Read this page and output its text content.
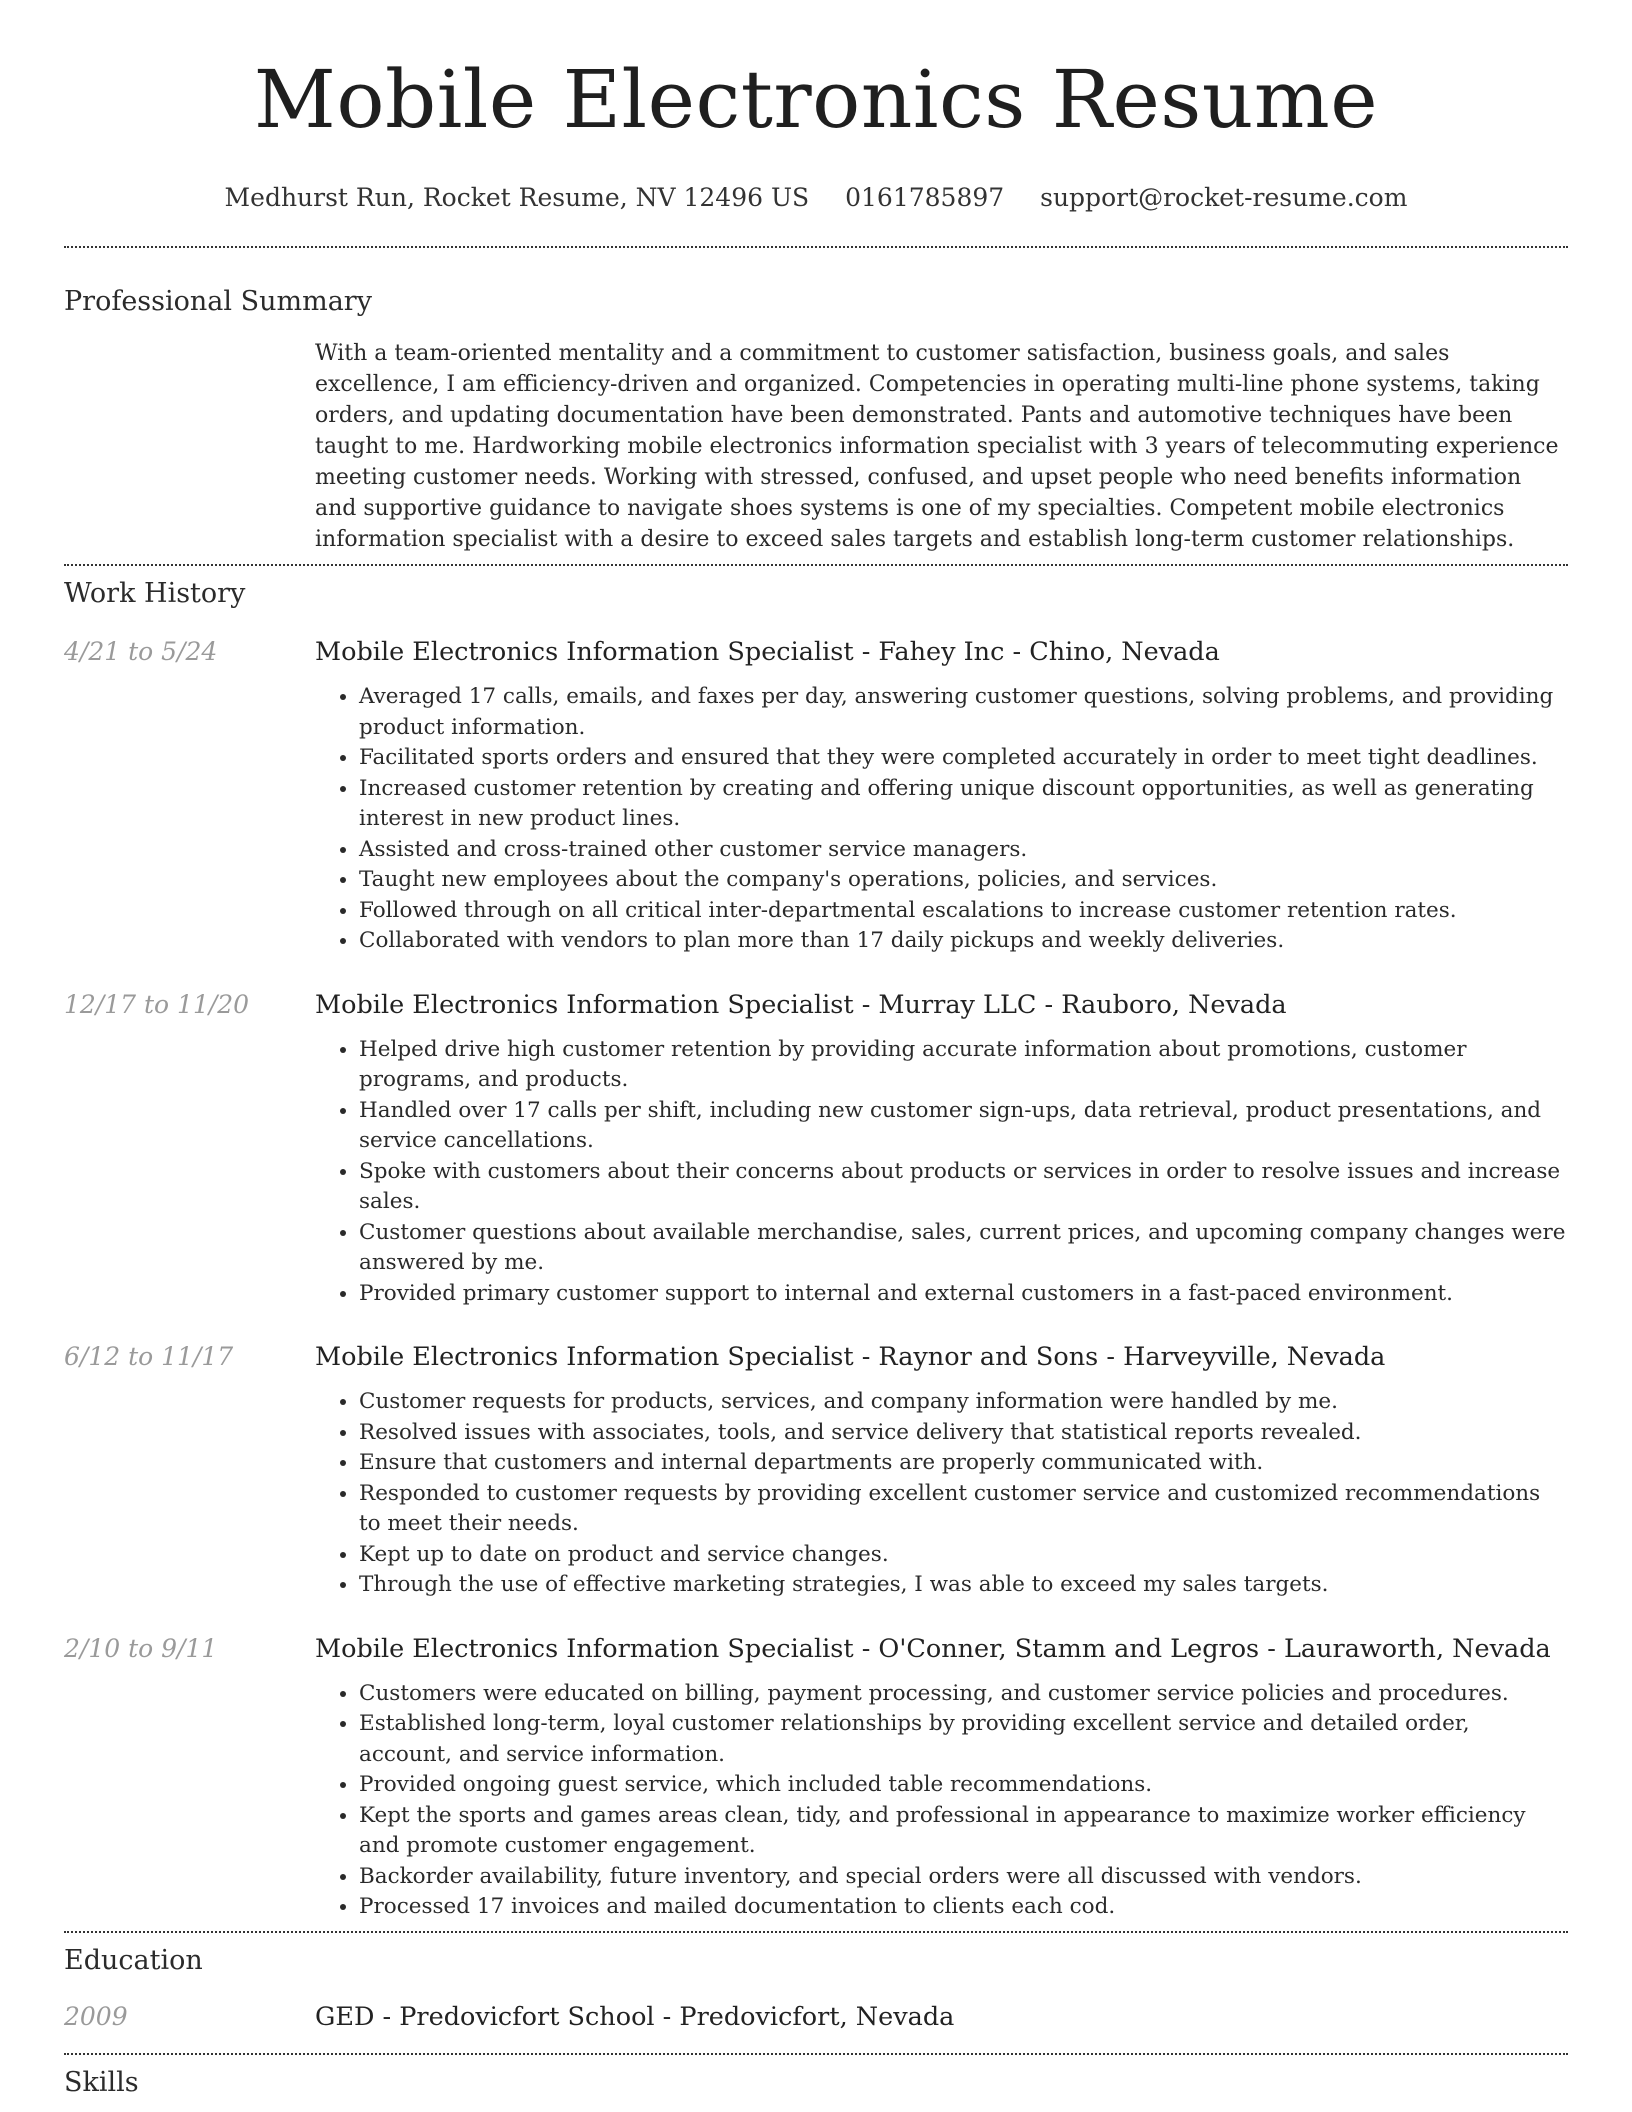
Mobile Electronics Resume
Medhurst Run, Rocket Resume, NV 12496 US 0161785897 support@rocket-resume.com
Professional Summary

With a team-oriented mentality and a commitment to customer satisfaction, business goals, and sales excellence, I am efficiency-driven and organized. Competencies in operating multi-line phone systems, taking orders, and updating documentation have been demonstrated. Pants and automotive techniques have been taught to me. Hardworking mobile electronics information specialist with 3 years of telecommuting experience meeting customer needs. Working with stressed, confused, and upset people who need benefits information and supportive guidance to navigate shoes systems is one of my specialties. Competent mobile electronics information specialist with a desire to exceed sales targets and establish long-term customer relationships.

Work History
4/21 to 5/24	Mobile Electronics Information Specialist - Fahey Inc - Chino, Nevada
• Averaged 17 calls, emails, and faxes per day, answering customer questions, solving problems, and providing product information.
• Facilitated sports orders and ensured that they were completed accurately in order to meet tight deadlines.
• Increased customer retention by creating and offering unique discount opportunities, as well as generating interest in new product lines.
• Assisted and cross-trained other customer service managers.
• Taught new employees about the company's operations, policies, and services.
• Followed through on all critical inter-departmental escalations to increase customer retention rates.
• Collaborated with vendors to plan more than 17 daily pickups and weekly deliveries.
12/17 to 11/20	Mobile Electronics Information Specialist - Murray LLC - Rauboro, Nevada
• Helped drive high customer retention by providing accurate information about promotions, customer programs, and products.
• Handled over 17 calls per shift, including new customer sign-ups, data retrieval, product presentations, and service cancellations.
• Spoke with customers about their concerns about products or services in order to resolve issues and increase sales.
• Customer questions about available merchandise, sales, current prices, and upcoming company changes were answered by me.
• Provided primary customer support to internal and external customers in a fast-paced environment.
6/12 to 11/17	Mobile Electronics Information Specialist - Raynor and Sons - Harveyville, Nevada
• Customer requests for products, services, and company information were handled by me.
• Resolved issues with associates, tools, and service delivery that statistical reports revealed.
• Ensure that customers and internal departments are properly communicated with.
• Responded to customer requests by providing excellent customer service and customized recommendations to meet their needs.
• Kept up to date on product and service changes.
• Through the use of effective marketing strategies, I was able to exceed my sales targets.
2/10 to 9/11	Mobile Electronics Information Specialist - O'Conner, Stamm and Legros - Lauraworth, Nevada
• Customers were educated on billing, payment processing, and customer service policies and procedures.
• Established long-term, loyal customer relationships by providing excellent service and detailed order, account, and service information.
• Provided ongoing guest service, which included table recommendations.
• Kept the sports and games areas clean, tidy, and professional in appearance to maximize worker efficiency and promote customer engagement.
• Backorder availability, future inventory, and special orders were all discussed with vendors.
• Processed 17 invoices and mailed documentation to clients each cod.
Education
2009	GED - Predovicfort School - Predovicfort, Nevada
Skills
